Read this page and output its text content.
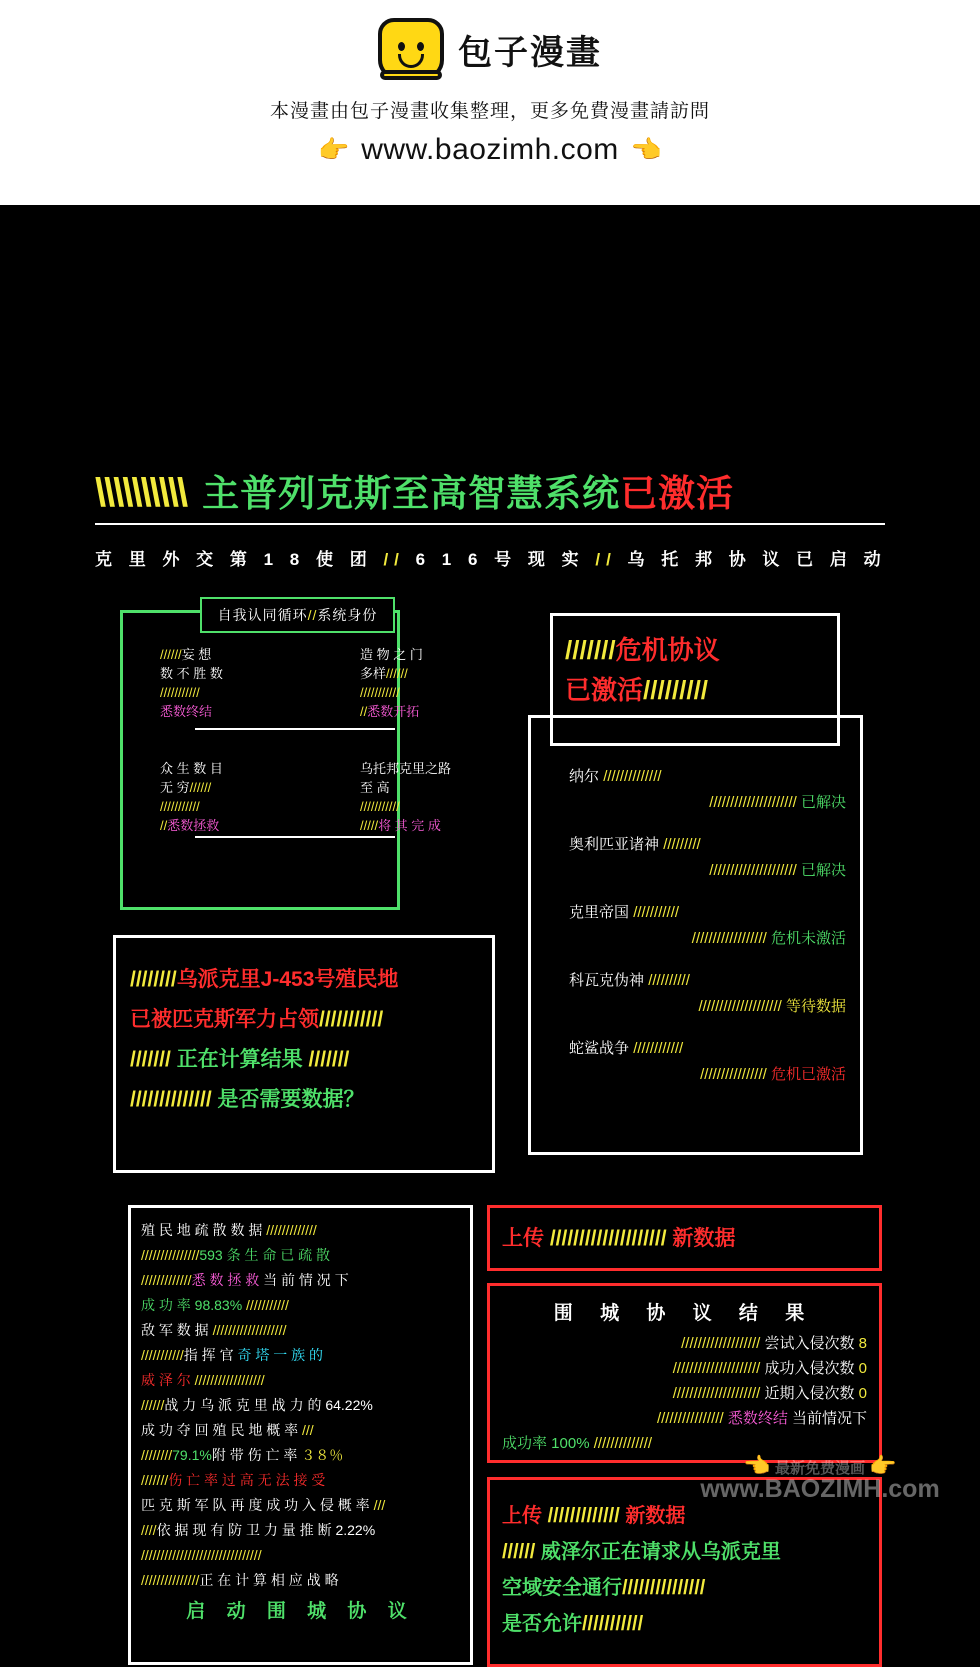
包子漫畫
本漫畫由包子漫畫收集整理，更多免費漫畫請訪問
👉 www.baozimh.com 👈
\\\\\\\\\\ 主普列克斯至高智慧系统已激活
克 里 外 交 第 1 8 使 团 // 6 1 6 号 现 实 // 乌 托 邦 协 议 已 启 动
自我认同循环 // 系统身份
//////妄 想
数 不 胜 数
///////////
悉数终结
众 生 数 目
无 穷//////
///////////
//悉数拯救
造 物 之 门
多样//////
///////////
//悉数开拓
乌托邦克里之路
至 高
///////////
/////将 其 完 成
///////危机协议
已激活/////////
纳尔 //////////////
///////////////////// 已解决
奥利匹亚诸神 /////////
///////////////////// 已解决
克里帝国 ///////////
////////////////// 危机未激活
科瓦克伪神 //////////
//////////////////// 等待数据
蛇鲨战争 ////////////
//////////////// 危机已激活
////////乌派克里J-453号殖民地
已被匹克斯军力占领///////////
/////// 正在计算结果 ///////
////////////// 是否需要数据？
殖 民 地 疏 散 数 据 /////////////
///////////////593 条 生 命 已 疏 散
/////////////悉 数 拯 救 当 前 情 况 下
成 功 率 98.83% ///////////
敌 军 数 据 ///////////////////
///////////指 挥 官 奇 塔 一 族 的
威 泽 尔 //////////////////
//////战 力 乌 派 克 里 战 力 的 64.22%
成 功 夺 回 殖 民 地 概 率 ///
////////79.1%附 带 伤 亡 率 ３８％
///////伤 亡 率 过 高 无 法 接 受
匹 克 斯 军 队 再 度 成 功 入 侵 概 率 ///
////依 据 现 有 防 卫 力 量 推 断 2.22%
///////////////////////////////
///////////////正 在 计 算 相 应 战 略
启 动 围 城 协 议
上传 //////////////////// 新数据
围 城 协 议 结 果
/////////////////// 尝试入侵次数 8
///////////////////// 成功入侵次数 0
///////////////////// 近期入侵次数 0
//////////////// 悉数终结 当前情况下
成功率 100% //////////////
上传 ///////////// 新数据
////// 威泽尔正在请求从乌派克里
空域安全通行///////////////
是否允许///////////
👈 最新免费漫画 👉
www.BAOZIMH.com
